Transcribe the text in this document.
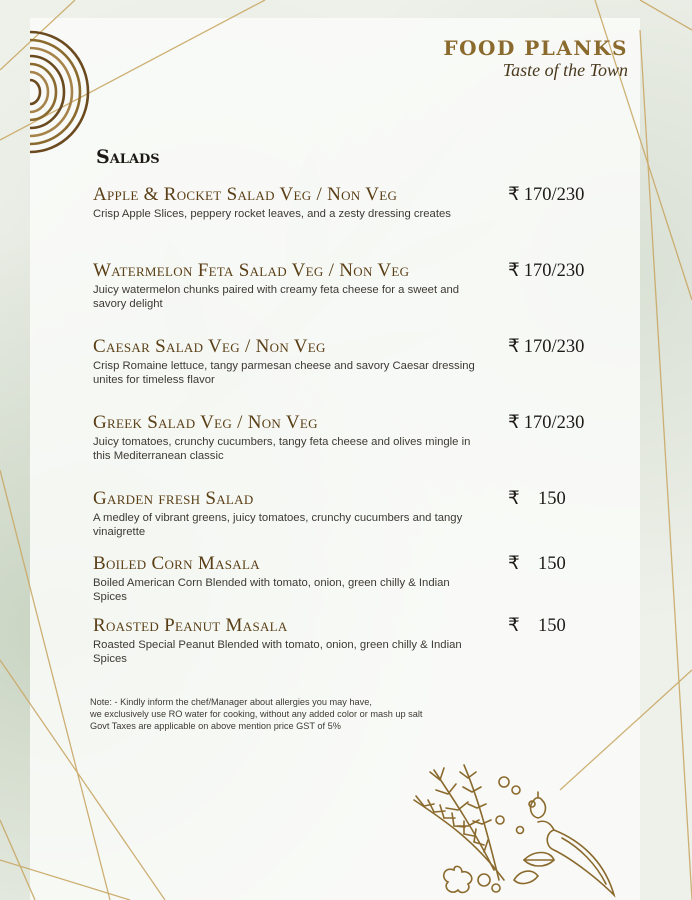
FOOD PLANKS
Taste of the Town
Salads
Apple & Rocket Salad Veg / Non Veg
Crisp Apple Slices, peppery rocket leaves, and a zesty dressing creates
₹ 170/230
Watermelon Feta Salad Veg / Non Veg
Juicy watermelon chunks paired with creamy feta cheese for a sweet and savory delight
₹ 170/230
Caesar Salad Veg / Non Veg
Crisp Romaine lettuce, tangy parmesan cheese and savory Caesar dressing unites for timeless flavor
₹ 170/230
Greek Salad Veg / Non Veg
Juicy tomatoes, crunchy cucumbers, tangy feta cheese and olives mingle in this Mediterranean classic
₹ 170/230
Garden fresh Salad
A medley of vibrant greens, juicy tomatoes, crunchy cucumbers and tangy vinaigrette
₹ 150
Boiled Corn Masala
Boiled American Corn Blended with tomato, onion, green chilly & Indian Spices
₹ 150
Roasted Peanut Masala
Roasted Special Peanut Blended with tomato, onion, green chilly & Indian Spices
₹ 150
Note: - Kindly inform the chef/Manager about allergies you may have,
we exclusively use RO water for cooking, without any added color or mash up salt
Govt Taxes are applicable on above mention price GST of 5%
